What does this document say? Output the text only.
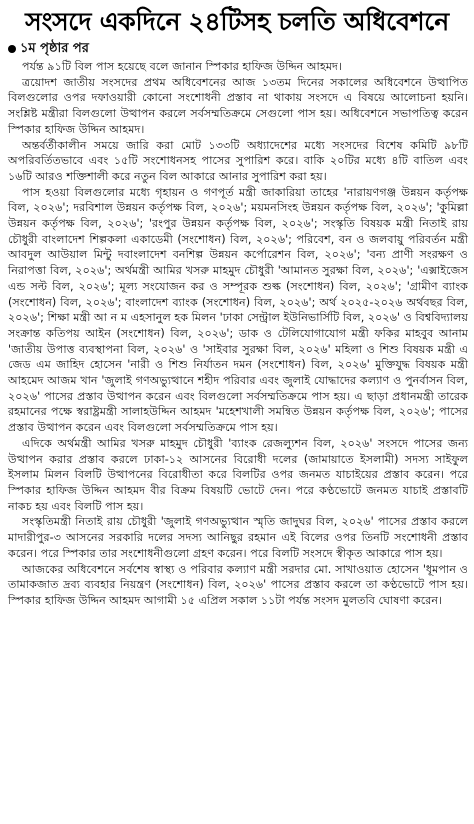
সংসদে একদিনে ২৪টিসহ চলতি অধিবেশনে
১ম পৃষ্ঠার পর

পর্যন্ত ৯১টি বিল পাস হয়েছে বলে জানান স্পিকার হাফিজ উদ্দিন আহমদ।

ত্রয়োদশ জাতীয় সংসদের প্রথম অধিবেশনের আজ ১৩তম দিনের সকালের অধিবেশনে উত্থাপিত বিলগুলোর ওপর দফাওয়ারী কোনো সংশোধনী প্রস্তাব না থাকায় সংসদে এ বিষয়ে আলোচনা হয়নি। সংশ্লিষ্ট মন্ত্রীরা বিলগুলো উত্থাপন করলে সর্বসম্মতিক্রমে সেগুলো পাস হয়। অধিবেশনে সভাপতিত্ব করেন স্পিকার হাফিজ উদ্দিন আহমদ।

অন্তর্বর্তীকালীন সময়ে জারি করা মোট ১৩৩টি অধ্যাদেশের মধ্যে সংসদের বিশেষ কমিটি ৯৮টি অপরিবর্তিতভাবে এবং ১৫টি সংশোধনসহ পাসের সুপারিশ করে। বাকি ২০টির মধ্যে ৪টি বাতিল এবং ১৬টি আরও শক্তিশালী করে নতুন বিল আকারে আনার সুপারিশ করা হয়।

পাস হওয়া বিলগুলোর মধ্যে গৃহায়ন ও গণপূর্ত মন্ত্রী জাকারিয়া তাহের 'নারায়ণগঞ্জ উন্নয়ন কর্তৃপক্ষ বিল, ২০২৬'; দরবিশাল উন্নয়ন কর্তৃপক্ষ বিল, ২০২৬'; ময়মনসিংহ উন্নয়ন কর্তৃপক্ষ বিল, ২০২৬'; 'কুমিল্লা উন্নয়ন কর্তৃপক্ষ বিল, ২০২৬'; 'রংপুর উন্নয়ন কর্তৃপক্ষ বিল, ২০২৬'; সংস্কৃতি বিষয়ক মন্ত্রী নিতাই রায় চৌধুরী বাংলাদেশ শিল্পকলা একাডেমী (সংশোধন) বিল, ২০২৬'; পরিবেশ, বন ও জলবায়ু পরিবর্তন মন্ত্রী আবদুল আউয়াল মিন্টু দবাংলাদেশ বনশিল্প উন্নয়ন কর্পোরেশন বিল, ২০২৬'; 'বন্য প্রাণী সংরক্ষণ ও নিরাপত্তা বিল, ২০২৬'; অর্থমন্ত্রী আমির খসরু মাহমুদ চৌধুরী 'আমানত সুরক্ষা বিল, ২০২৬'; 'এক্সাইজেস এন্ড সল্ট বিল, ২০২৬'; মূল্য সংযোজন কর ও সম্পূরক শুল্ক (সংশোধন) বিল, ২০২৬'; 'গ্রামীণ ব্যাংক (সংশোধন) বিল, ২০২৬'; বাংলাদেশ ব্যাংক (সংশোধন) বিল, ২০২৬'; অর্থ ২০২৫-২০২৬ অর্থবছর বিল, ২০২৬'; শিক্ষা মন্ত্রী আ ন ম এহসানুল হক মিলন 'ঢাকা সেন্ট্রাল ইউনিভার্সিটি বিল, ২০২৬' ও বিশ্ববিদ্যালয় সংক্রান্ত কতিপয় আইন (সংশোধন) বিল, ২০২৬'; ডাক ও টেলিযোগাযোগ মন্ত্রী ফকির মাহবুব আনাম 'জাতীয় উপাত্ত ব্যবস্থাপনা বিল, ২০২৬' ও 'সাইবার সুরক্ষা বিল, ২০২৬' মহিলা ও শিশু বিষয়ক মন্ত্রী এ জেড এম জাহিদ হোসেন 'নারী ও শিশু নির্যাতন দমন (সংশোধন) বিল, ২০২৬' মুক্তিযুদ্ধ বিষয়ক মন্ত্রী আহমেদ আজম খান 'জুলাই গণঅভ্যুত্থানে শহীদ পরিবার এবং জুলাই যোদ্ধাদের কল্যাণ ও পুনর্বাসন বিল, ২০২৬' পাসের প্রস্তাব উত্থাপন করেন এবং বিলগুলো সর্বসম্মতিক্রমে পাস হয়। এ ছাড়া প্রধানমন্ত্রী তারেক রহমানের পক্ষে স্বরাষ্ট্রমন্ত্রী সালাহউদ্দিন আহমদ 'মহেশখালী সমন্বিত উন্নয়ন কর্তৃপক্ষ বিল, ২০২৬'; পাসের প্রস্তাব উত্থাপন করেন এবং বিলগুলো সর্বসম্মতিক্রমে পাস হয়।

এদিকে অর্থমন্ত্রী আমির খসরু মাহমুদ চৌধুরী 'ব্যাংক রেজল্যুশন বিল, ২০২৬' সংসদে পাসের জন্য উত্থাপন করার প্রস্তাব করলে ঢাকা-১২ আসনের বিরোধী দলের (জামায়াতে ইসলামী) সদস্য সাইফুল ইসলাম মিলন বিলটি উত্থাপনের বিরোধীতা করে বিলটির ওপর জনমত যাচাইয়ের প্রস্তাব করেন। পরে স্পিকার হাফিজ উদ্দিন আহমদ বীর বিক্রম বিষয়টি ভোটে দেন। পরে কণ্ঠভোটে জনমত যাচাই প্রস্তাবটি নাকচ হয় এবং বিলটি পাস হয়।

সংস্কৃতিমন্ত্রী নিতাই রায় চৌধুরী 'জুলাই গণঅভ্যুত্থান স্মৃতি জাদুঘর বিল, ২০২৬' পাসের প্রস্তাব করলে মাদারীপুর-৩ আসনের সরকারি দলের সদস্য আনিছুর রহমান এই বিলের ওপর তিনটি সংশোধনী প্রস্তাব করেন। পরে স্পিকার তার সংশোধনীগুলো গ্রহণ করেন। পরে বিলটি সংসদে স্বীকৃত আকারে পাস হয়।

আজকের অধিবেশনে সর্বশেষ স্বাস্থ্য ও পরিবার কল্যাণ মন্ত্রী সরদার মো. সাখাওয়াত হোসেন 'ধূমপান ও তামাকজাত দ্রব্য ব্যবহার নিয়ন্ত্রণ (সংশোধন) বিল, ২০২৬' পাসের প্রস্তাব করলে তা কণ্ঠভোটে পাস হয়। স্পিকার হাফিজ উদ্দিন আহমদ আগামী ১৫ এপ্রিল সকাল ১১টা পর্যন্ত সংসদ মুলতবি ঘোষণা করেন।
